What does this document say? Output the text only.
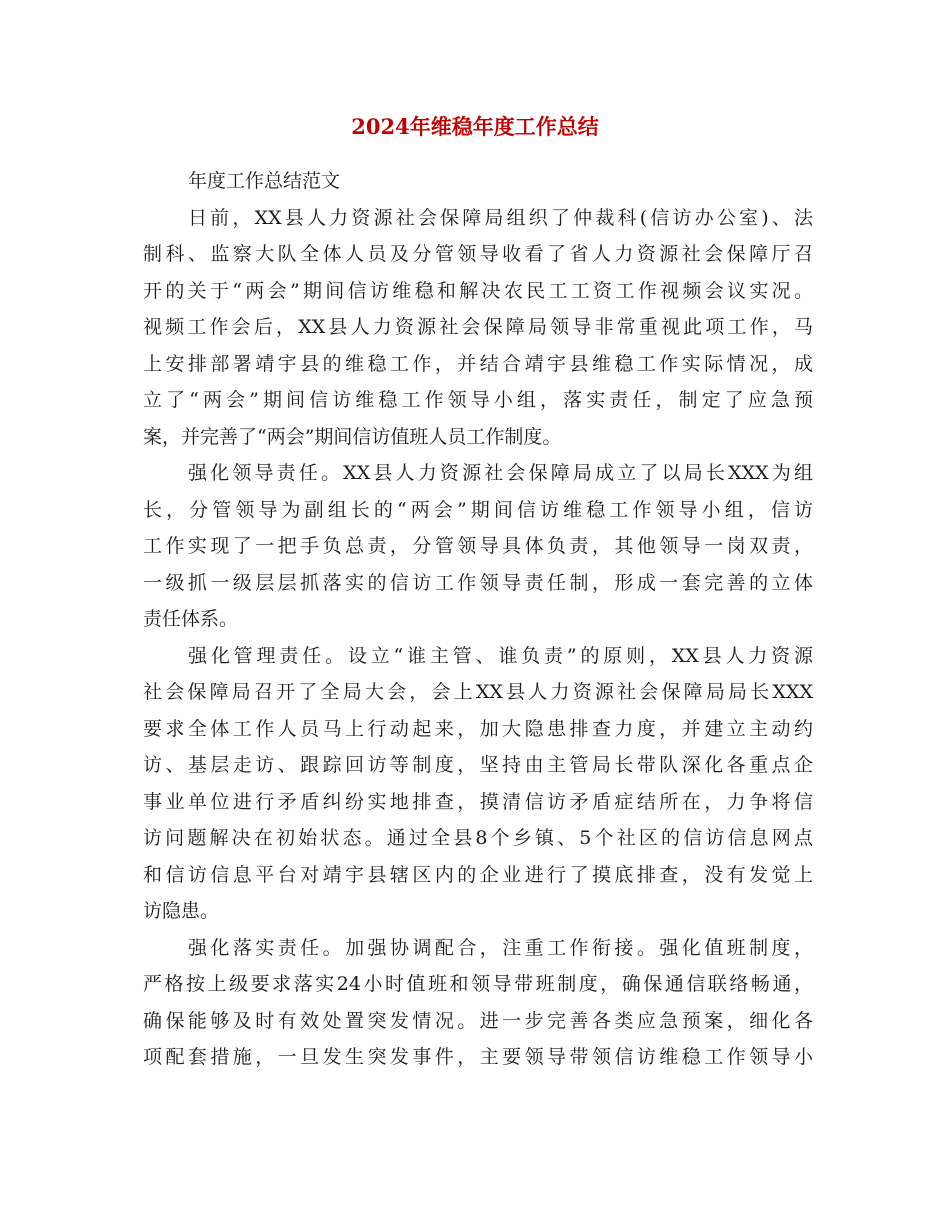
2024年维稳年度工作总结
年度工作总结范文
日前，XX县人力资源社会保障局组织了仲裁科(信访办公室)、法
制科、监察大队全体人员及分管领导收看了省人力资源社会保障厅召
开的关于“两会”期间信访维稳和解决农民工工资工作视频会议实况。
视频工作会后，XX县人力资源社会保障局领导非常重视此项工作，马
上安排部署靖宇县的维稳工作，并结合靖宇县维稳工作实际情况，成
立了“两会”期间信访维稳工作领导小组，落实责任，制定了应急预
案，并完善了“两会”期间信访值班人员工作制度。
强化领导责任。XX县人力资源社会保障局成立了以局长XXX为组
长，分管领导为副组长的“两会”期间信访维稳工作领导小组，信访
工作实现了一把手负总责，分管领导具体负责，其他领导一岗双责，
一级抓一级层层抓落实的信访工作领导责任制，形成一套完善的立体
责任体系。
强化管理责任。设立“谁主管、谁负责”的原则，XX县人力资源
社会保障局召开了全局大会，会上XX县人力资源社会保障局局长XXX
要求全体工作人员马上行动起来，加大隐患排查力度，并建立主动约
访、基层走访、跟踪回访等制度，坚持由主管局长带队深化各重点企
事业单位进行矛盾纠纷实地排查，摸清信访矛盾症结所在，力争将信
访问题解决在初始状态。通过全县8个乡镇、5个社区的信访信息网点
和信访信息平台对靖宇县辖区内的企业进行了摸底排查，没有发觉上
访隐患。
强化落实责任。加强协调配合，注重工作衔接。强化值班制度，
严格按上级要求落实24小时值班和领导带班制度，确保通信联络畅通，
确保能够及时有效处置突发情况。进一步完善各类应急预案，细化各
项配套措施，一旦发生突发事件，主要领导带领信访维稳工作领导小
